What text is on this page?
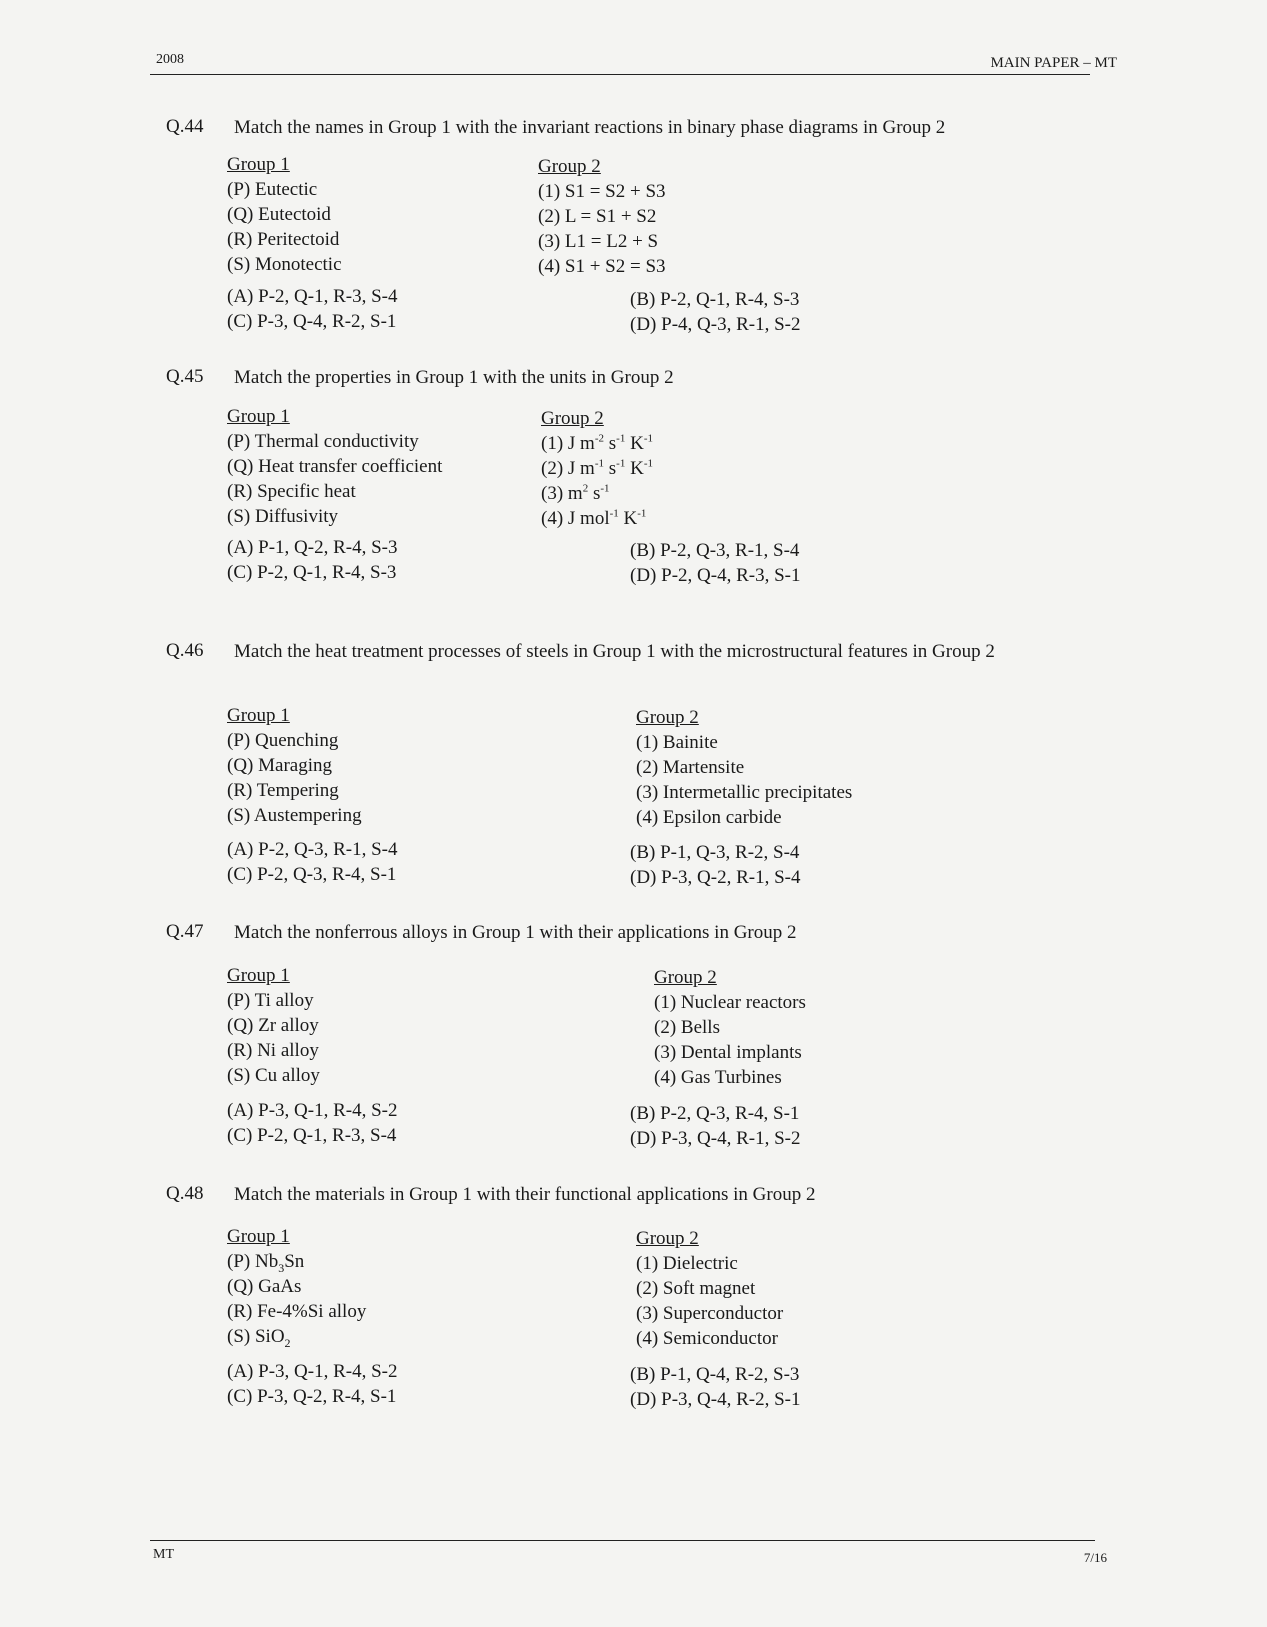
2008	MAIN PAPER – MT
Q.44 Match the names in Group 1 with the invariant reactions in binary phase diagrams in Group 2
Group 1
(P) Eutectic
(Q) Eutectoid
(R) Peritectoid
(S) Monotectic
Group 2
(1) S1 = S2 + S3
(2) L = S1 + S2
(3) L1 = L2 + S
(4) S1 + S2 = S3
(A) P-2, Q-1, R-3, S-4	(B) P-2, Q-1, R-4, S-3
(C) P-3, Q-4, R-2, S-1	(D) P-4, Q-3, R-1, S-2
Q.45 Match the properties in Group 1 with the units in Group 2
Group 1
(P) Thermal conductivity
(Q) Heat transfer coefficient
(R) Specific heat
(S) Diffusivity
Group 2
(1) J $m^{-2}$ $s^{-1}$ $K^{-1}$
(2) J $m^{-1}$ $s^{-1}$ $K^{-1}$
(3) $m^2$ $s^{-1}$
(4) J mol$^{-1}$ $K^{-1}$
(A) P-1, Q-2, R-4, S-3	(B) P-2, Q-3, R-1, S-4
(C) P-2, Q-1, R-4, S-3	(D) P-2, Q-4, R-3, S-1
Q.46 Match the heat treatment processes of steels in Group 1 with the microstructural features in Group 2
Group 1
(P) Quenching
(Q) Maraging
(R) Tempering
(S) Austempering
Group 2
(1) Bainite
(2) Martensite
(3) Intermetallic precipitates
(4) Epsilon carbide
(A) P-2, Q-3, R-1, S-4	(B) P-1, Q-3, R-2, S-4
(C) P-2, Q-3, R-4, S-1	(D) P-3, Q-2, R-1, S-4
Q.47 Match the nonferrous alloys in Group 1 with their applications in Group 2
Group 1
(P) Ti alloy
(Q) Zr alloy
(R) Ni alloy
(S) Cu alloy
Group 2
(1) Nuclear reactors
(2) Bells
(3) Dental implants
(4) Gas Turbines
(A) P-3, Q-1, R-4, S-2	(B) P-2, Q-3, R-4, S-1
(C) P-2, Q-1, R-3, S-4	(D) P-3, Q-4, R-1, S-2
Q.48 Match the materials in Group 1 with their functional applications in Group 2
Group 1
(P) $Nb_3Sn$
(Q) GaAs
(R) Fe-4%Si alloy
(S) SiO$_2$
Group 2
(1) Dielectric
(2) Soft magnet
(3) Superconductor
(4) Semiconductor
(A) P-3, Q-1, R-4, S-2	(B) P-1, Q-4, R-2, S-3
(C) P-3, Q-2, R-4, S-1	(D) P-3, Q-4, R-2, S-1
MT	7/16
